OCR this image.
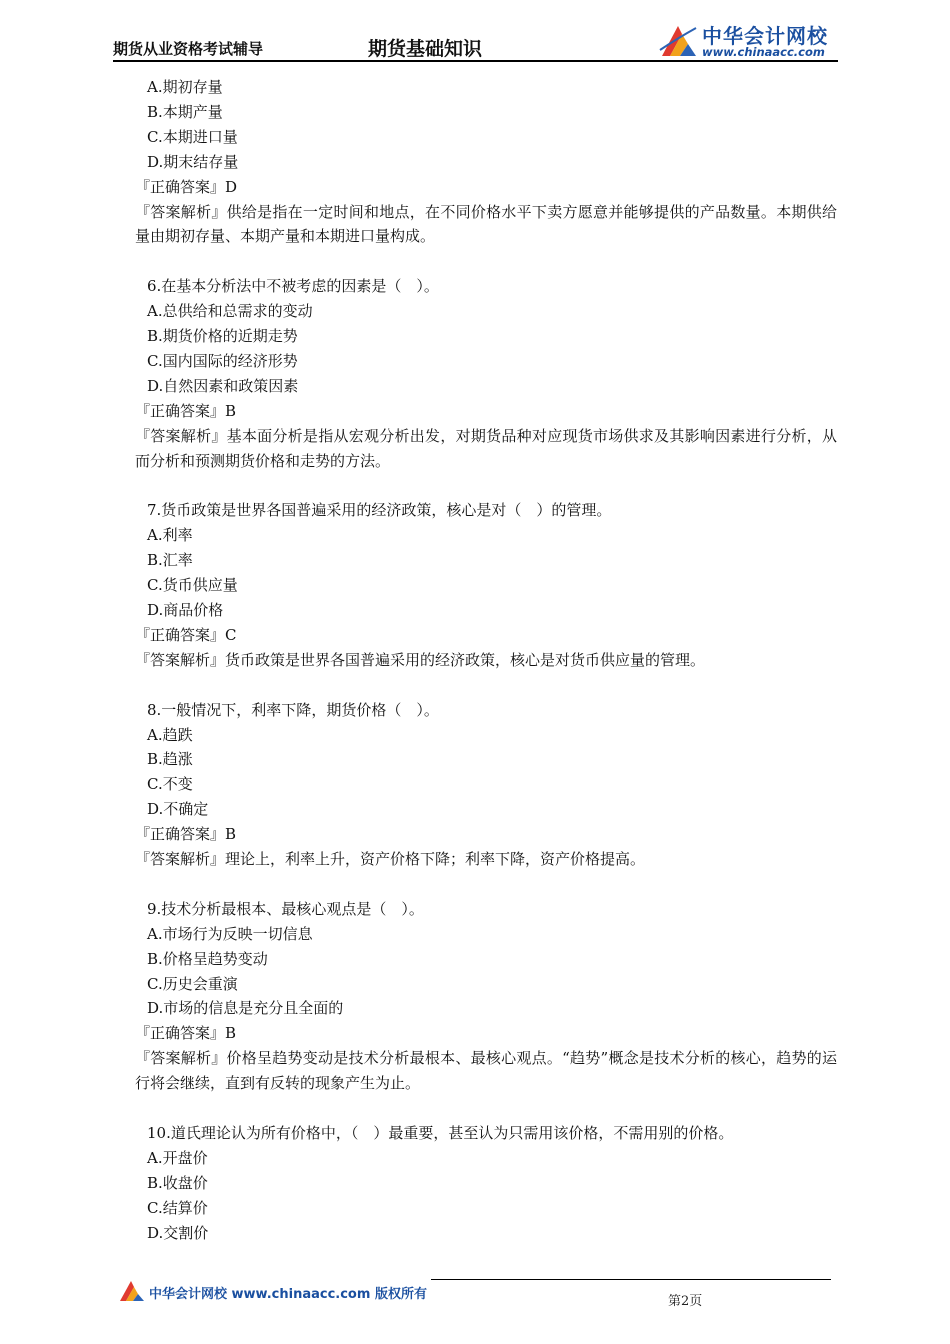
期货从业资格考试辅导	期货基础知识
中华会计网校
www.chinaacc.com
A.期初存量
B.本期产量
C.本期进口量
D.期末结存量
『正确答案』D
『答案解析』供给是指在一定时间和地点，在不同价格水平下卖方愿意并能够提供的产品数量。本期供给量由期初存量、本期产量和本期进口量构成。
6.在基本分析法中不被考虑的因素是（　）。
A.总供给和总需求的变动
B.期货价格的近期走势
C.国内国际的经济形势
D.自然因素和政策因素
『正确答案』B
『答案解析』基本面分析是指从宏观分析出发，对期货品种对应现货市场供求及其影响因素进行分析，从而分析和预测期货价格和走势的方法。
7.货币政策是世界各国普遍采用的经济政策，核心是对（　）的管理。
A.利率
B.汇率
C.货币供应量
D.商品价格
『正确答案』C
『答案解析』货币政策是世界各国普遍采用的经济政策，核心是对货币供应量的管理。
8.一般情况下，利率下降，期货价格（　）。
A.趋跌
B.趋涨
C.不变
D.不确定
『正确答案』B
『答案解析』理论上，利率上升，资产价格下降；利率下降，资产价格提高。
9.技术分析最根本、最核心观点是（　）。
A.市场行为反映一切信息
B.价格呈趋势变动
C.历史会重演
D.市场的信息是充分且全面的
『正确答案』B
『答案解析』价格呈趋势变动是技术分析最根本、最核心观点。“趋势”概念是技术分析的核心，趋势的运行将会继续，直到有反转的现象产生为止。
10.道氏理论认为所有价格中，（　）最重要，甚至认为只需用该价格，不需用别的价格。
A.开盘价
B.收盘价
C.结算价
D.交割价
中华会计网校 www.chinaacc.com 版权所有	第2页
